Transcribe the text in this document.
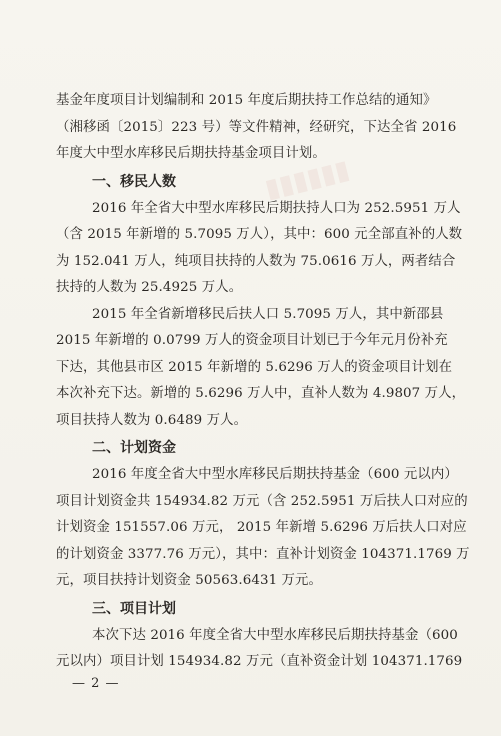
▮▮▮▮▮▮
基金年度项目计划编制和 2015 年度后期扶持工作总结的通知》
（湘移函〔2015〕223 号）等文件精神，经研究，下达全省 2016
年度大中型水库移民后期扶持基金项目计划。
一、移民人数
2016 年全省大中型水库移民后期扶持人口为 252.5951 万人
（含 2015 年新增的 5.7095 万人），其中：600 元全部直补的人数
为 152.041 万人，纯项目扶持的人数为 75.0616 万人，两者结合
扶持的人数为 25.4925 万人。
2015 年全省新增移民后扶人口 5.7095 万人，其中新邵县
2015 年新增的 0.0799 万人的资金项目计划已于今年元月份补充
下达，其他县市区 2015 年新增的 5.6296 万人的资金项目计划在
本次补充下达。新增的 5.6296 万人中，直补人数为 4.9807 万人，
项目扶持人数为 0.6489 万人。
二、计划资金
2016 年度全省大中型水库移民后期扶持基金（600 元以内）
项目计划资金共 154934.82 万元（含 252.5951 万后扶人口对应的
计划资金 151557.06 万元， 2015 年新增 5.6296 万后扶人口对应
的计划资金 3377.76 万元），其中：直补计划资金 104371.1769 万
元，项目扶持计划资金 50563.6431 万元。
三、项目计划
本次下达 2016 年度全省大中型水库移民后期扶持基金（600
元以内）项目计划 154934.82 万元（直补资金计划 104371.1769
— 2 —
